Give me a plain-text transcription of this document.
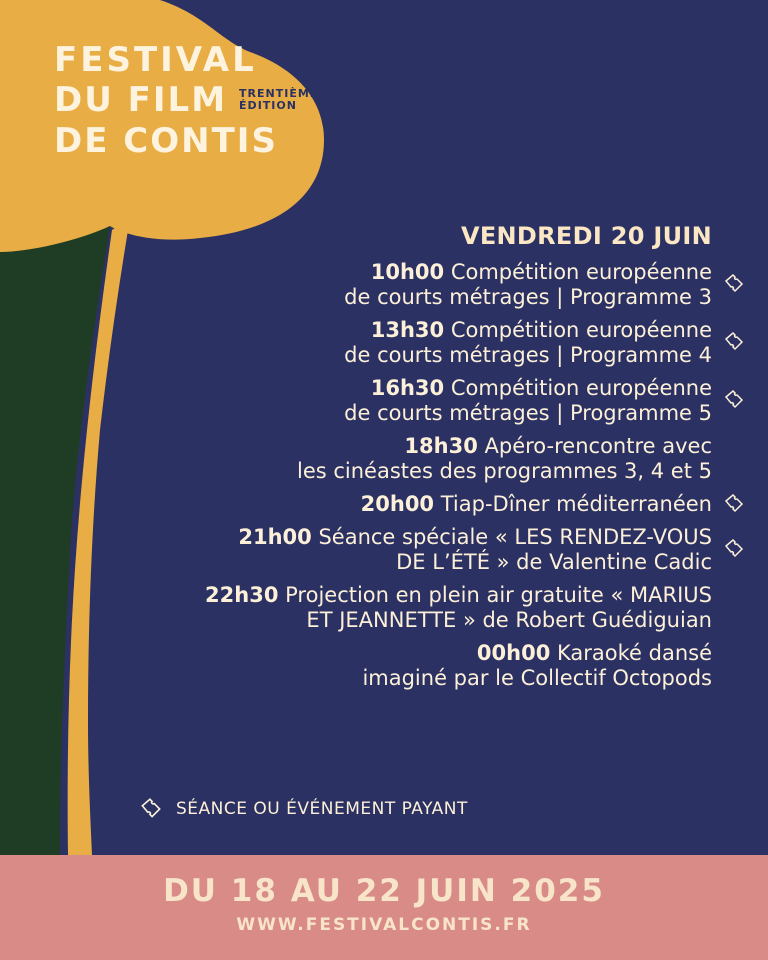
FESTIVAL
DU FILM TRENTIÈME
ÉDITION
DE CONTIS
VENDREDI 20 JUIN
10h00 Compétition européenne
de courts métrages | Programme 3
13h30 Compétition européenne
de courts métrages | Programme 4
16h30 Compétition européenne
de courts métrages | Programme 5
18h30 Apéro-rencontre avec
les cinéastes des programmes 3, 4 et 5
20h00 Tiap-Dîner méditerranéen
21h00 Séance spéciale « LES RENDEZ-VOUS
DE L’ÉTÉ » de Valentine Cadic
22h30 Projection en plein air gratuite « MARIUS
ET JEANNETTE » de Robert Guédiguian
00h00 Karaoké dansé
imaginé par le Collectif Octopods
SÉANCE OU ÉVÉNEMENT PAYANT
DU 18 AU 22 JUIN 2025
WWW.FESTIVALCONTIS.FR
